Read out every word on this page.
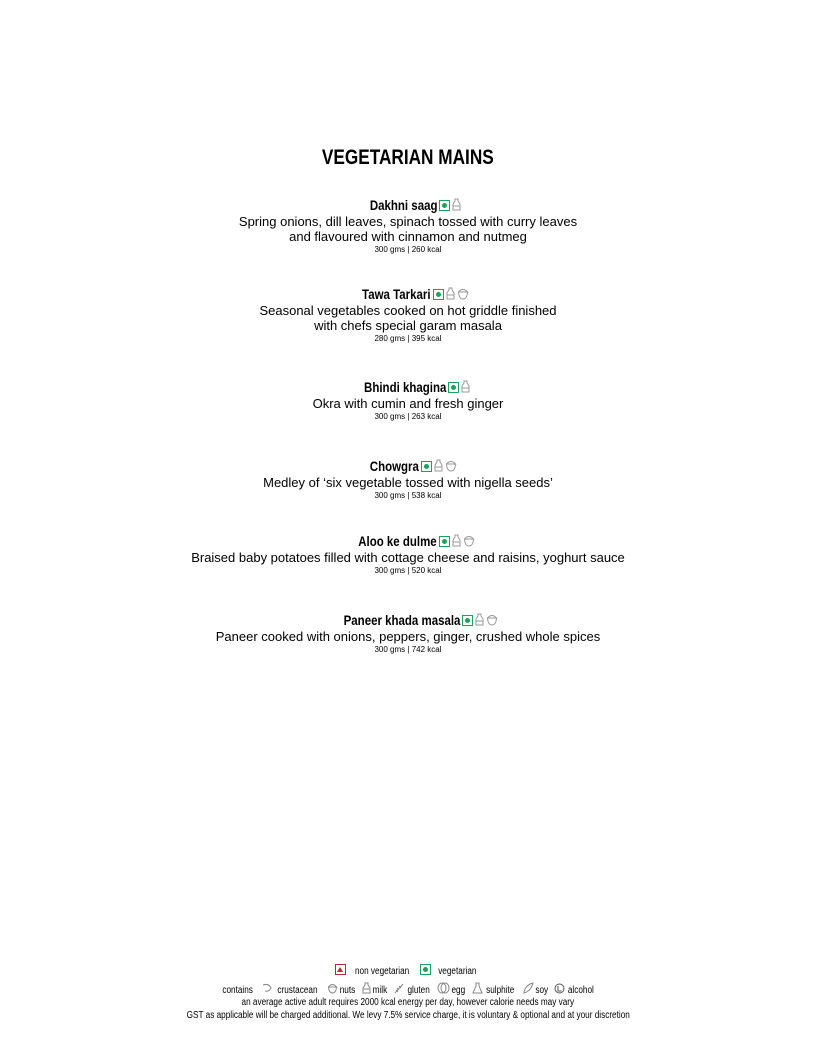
VEGETARIAN MAINS
Dakhni saag
Spring onions, dill leaves, spinach tossed with curry leaves
and flavoured with cinnamon and nutmeg
300 gms | 260 kcal
Tawa Tarkari
Seasonal vegetables cooked on hot griddle finished
with chefs special garam masala
280 gms | 395 kcal
Bhindi khagina
Okra with cumin and fresh ginger
300 gms | 263 kcal
Chowgra
Medley of ‘six vegetable tossed with nigella seeds’
300 gms | 538 kcal
Aloo ke dulme
Braised baby potatoes filled with cottage cheese and raisins, yoghurt sauce
300 gms | 520 kcal
Paneer khada masala
Paneer cooked with onions, peppers, ginger, crushed whole spices
300 gms | 742 kcal
non vegetarian	vegetarian
contains crustacean nuts milk gluten egg sulphite soy alcohol
an average active adult requires 2000 kcal energy per day, however calorie needs may vary
GST as applicable will be charged additional. We levy 7.5% service charge, it is voluntary & optional and at your discretion
